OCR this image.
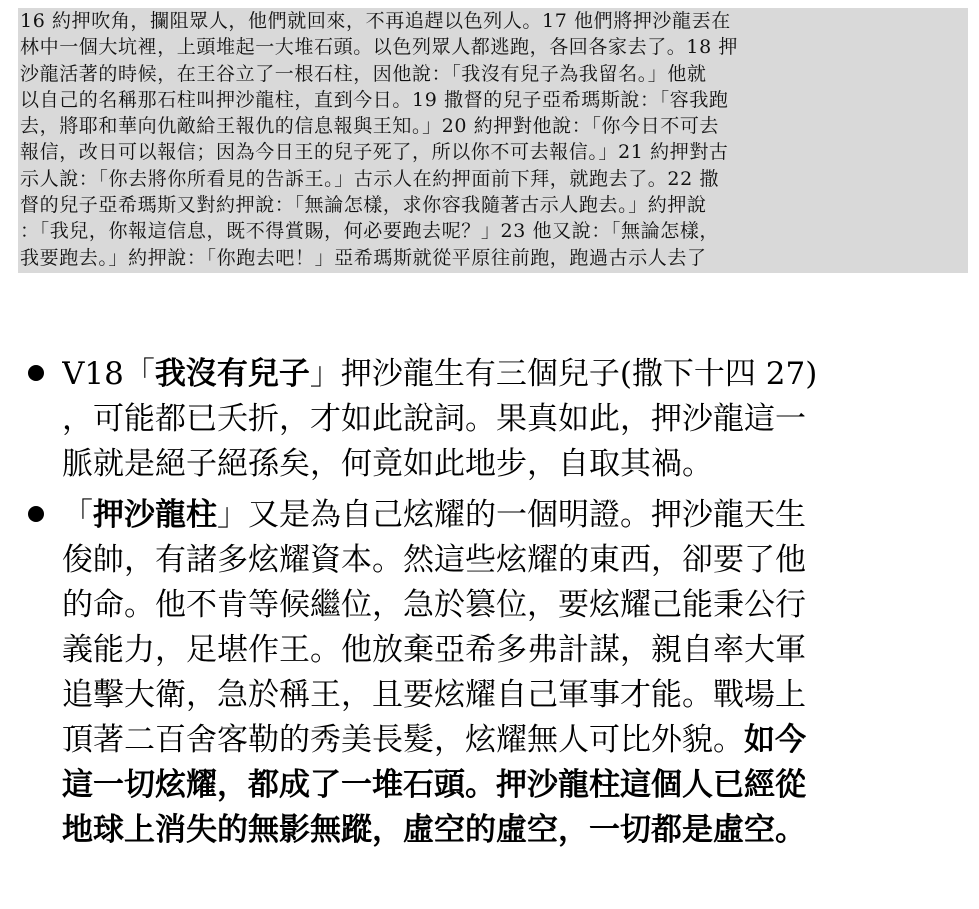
16 約押吹角，攔阻眾人，他們就回來，不再追趕以色列人。17 他們將押沙龍丟在
林中一個大坑裡，上頭堆起一大堆石頭。以色列眾人都逃跑，各回各家去了。18 押
沙龍活著的時候，在王谷立了一根石柱，因他說：「我沒有兒子為我留名。」他就
以自己的名稱那石柱叫押沙龍柱，直到今日。19 撒督的兒子亞希瑪斯說：「容我跑
去，將耶和華向仇敵給王報仇的信息報與王知。」20 約押對他說：「你今日不可去
報信，改日可以報信；因為今日王的兒子死了，所以你不可去報信。」21 約押對古
示人說：「你去將你所看見的告訴王。」古示人在約押面前下拜，就跑去了。22 撒
督的兒子亞希瑪斯又對約押說：「無論怎樣，求你容我隨著古示人跑去。」約押說
：「我兒，你報這信息，既不得賞賜，何必要跑去呢？」23 他又說：「無論怎樣，
我要跑去。」約押說：「你跑去吧！」亞希瑪斯就從平原往前跑，跑過古示人去了
V18「我沒有兒子」押沙龍生有三個兒子(撒下十四 27)
，可能都已夭折，才如此說詞。果真如此，押沙龍這一
脈就是絕子絕孫矣，何竟如此地步，自取其禍。
「押沙龍柱」又是為自己炫耀的一個明證。押沙龍天生
俊帥，有諸多炫耀資本。然這些炫耀的東西，卻要了他
的命。他不肯等候繼位，急於篡位，要炫耀己能秉公行
義能力，足堪作王。他放棄亞希多弗計謀，親自率大軍
追擊大衛，急於稱王，且要炫耀自己軍事才能。戰場上
頂著二百舍客勒的秀美長髮，炫耀無人可比外貌。如今
這一切炫耀，都成了一堆石頭。押沙龍柱這個人已經從
地球上消失的無影無蹤，虛空的虛空，一切都是虛空。
